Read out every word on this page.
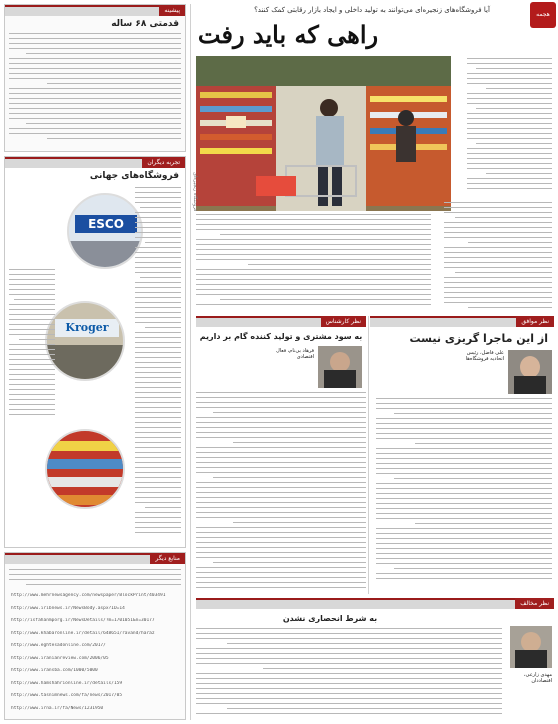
هجمه
آیا فروشگاه‌های زنجیره‌ای می‌توانند به تولید داخلی و ایجاد بازار رقابتی کمک کنند؟
راهی که باید رفت
فروشگاه زنجیره‌ای
پیشینه
قدمتی ۶۸ ساله
تجربه دیگران
فروشگاه‌های جهانی
ESCO
Kroger
منابع دیگر
http://www.mehrnewsagency.com/newspaper/BlockPrint/403491
http://www.iribnews.ir/NewsBody.aspx?ID=14
http://isfahanmporg.ir/NewsDetails/?m=1701051&n=30177
http://www.khabaronline.ir/detail/648651/ravand/haraz
http://www.eghtesadonline.com/2017/
http://www.iranianreview.com/2006/05
http://www.iransba.com/1000/5000
http://www.hamshahrionline.ir/details/159
http://www.tasnimnews.com/fa/news/2017/05
http://www.irna.ir/fa/News/1231950
نظر موافق
از این ماجرا گریزی نیست
علی فاضل، رئیس اتحادیه فروشگاه‌ها
نظر کارشناس
به سود مشتری و تولید کننده گام بر داریم
فرهاد بی‌نام، فعال اقتصادی
نظر مخالف
به شرط انحصاری نشدن
مهدی زارعی، اقتصاددان
